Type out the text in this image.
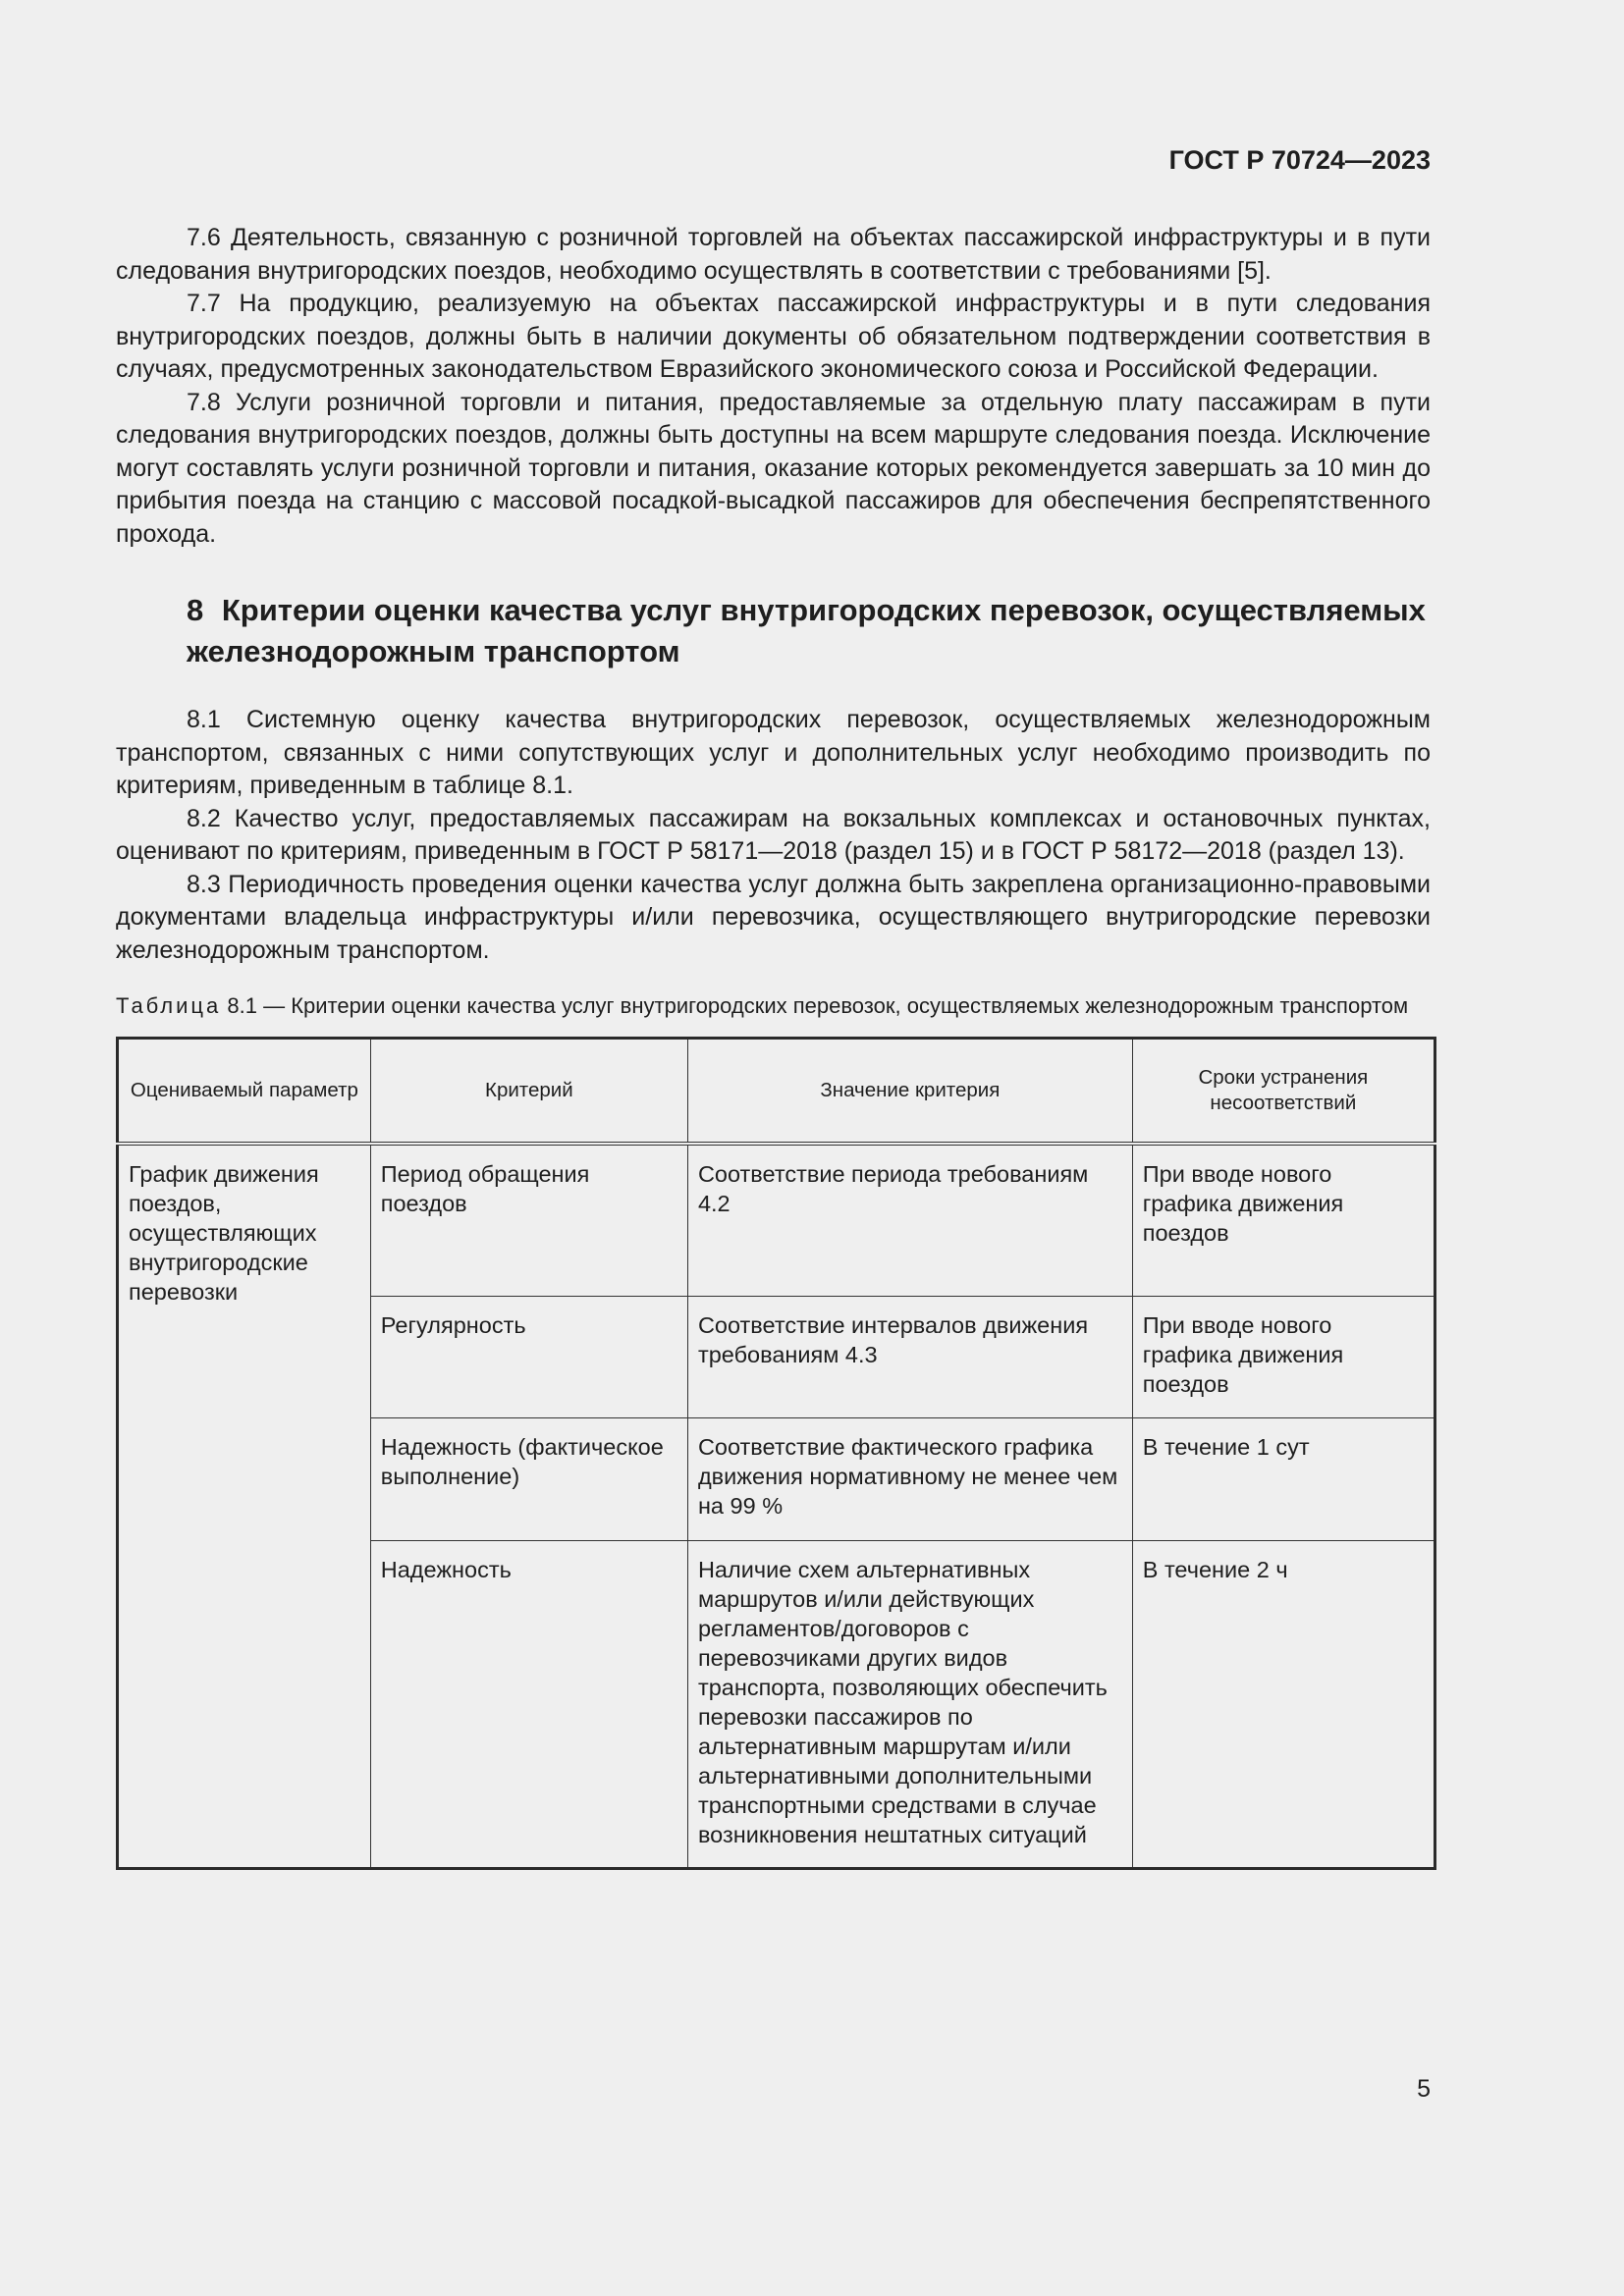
ГОСТ Р 70724—2023

7.6 Деятельность, связанную с розничной торговлей на объектах пассажирской инфраструктуры и в пути следования внутригородских поездов, необходимо осуществлять в соответствии с требованиями [5].

7.7 На продукцию, реализуемую на объектах пассажирской инфраструктуры и в пути следования внутригородских поездов, должны быть в наличии документы об обязательном подтверждении соответствия в случаях, предусмотренных законодательством Евразийского экономического союза и Российской Федерации.

7.8 Услуги розничной торговли и питания, предоставляемые за отдельную плату пассажирам в пути следования внутригородских поездов, должны быть доступны на всем маршруте следования поезда. Исключение могут составлять услуги розничной торговли и питания, оказание которых рекомендуется завершать за 10 мин до прибытия поезда на станцию с массовой посадкой-высадкой пассажиров для обеспечения беспрепятственного прохода.

8 Критерии оценки качества услуг внутригородских перевозок, осуществляемых железнодорожным транспортом

8.1 Системную оценку качества внутригородских перевозок, осуществляемых железнодорожным транспортом, связанных с ними сопутствующих услуг и дополнительных услуг необходимо производить по критериям, приведенным в таблице 8.1.

8.2 Качество услуг, предоставляемых пассажирам на вокзальных комплексах и остановочных пунктах, оценивают по критериям, приведенным в ГОСТ Р 58171—2018 (раздел 15) и в ГОСТ Р 58172—2018 (раздел 13).

8.3 Периодичность проведения оценки качества услуг должна быть закреплена организационно-правовыми документами владельца инфраструктуры и/или перевозчика, осуществляющего внутригородские перевозки железнодорожным транспортом.

Таблица 8.1 — Критерии оценки качества услуг внутригородских перевозок, осуществляемых железнодорожным транспортом
Оцениваемый параметр	Критерий	Значение критерия	Сроки устранения несоответствий
График движения поездов, осуществляющих внутригородские перевозки	Период обращения поездов	Соответствие периода требованиям 4.2	При вводе нового графика движения поездов
	Регулярность	Соответствие интервалов движения требованиям 4.3	При вводе нового графика движения поездов
	Надежность (фактическое выполнение)	Соответствие фактического графика движения нормативному не менее чем на 99 %	В течение 1 сут
	Надежность	Наличие схем альтернативных маршрутов и/или действующих регламентов/договоров с перевозчиками других видов транспорта, позволяющих обеспечить перевозки пассажиров по альтернативным маршрутам и/или альтернативными дополнительными транспортными средствами в случае возникновения нештатных ситуаций	В течение 2 ч
5
